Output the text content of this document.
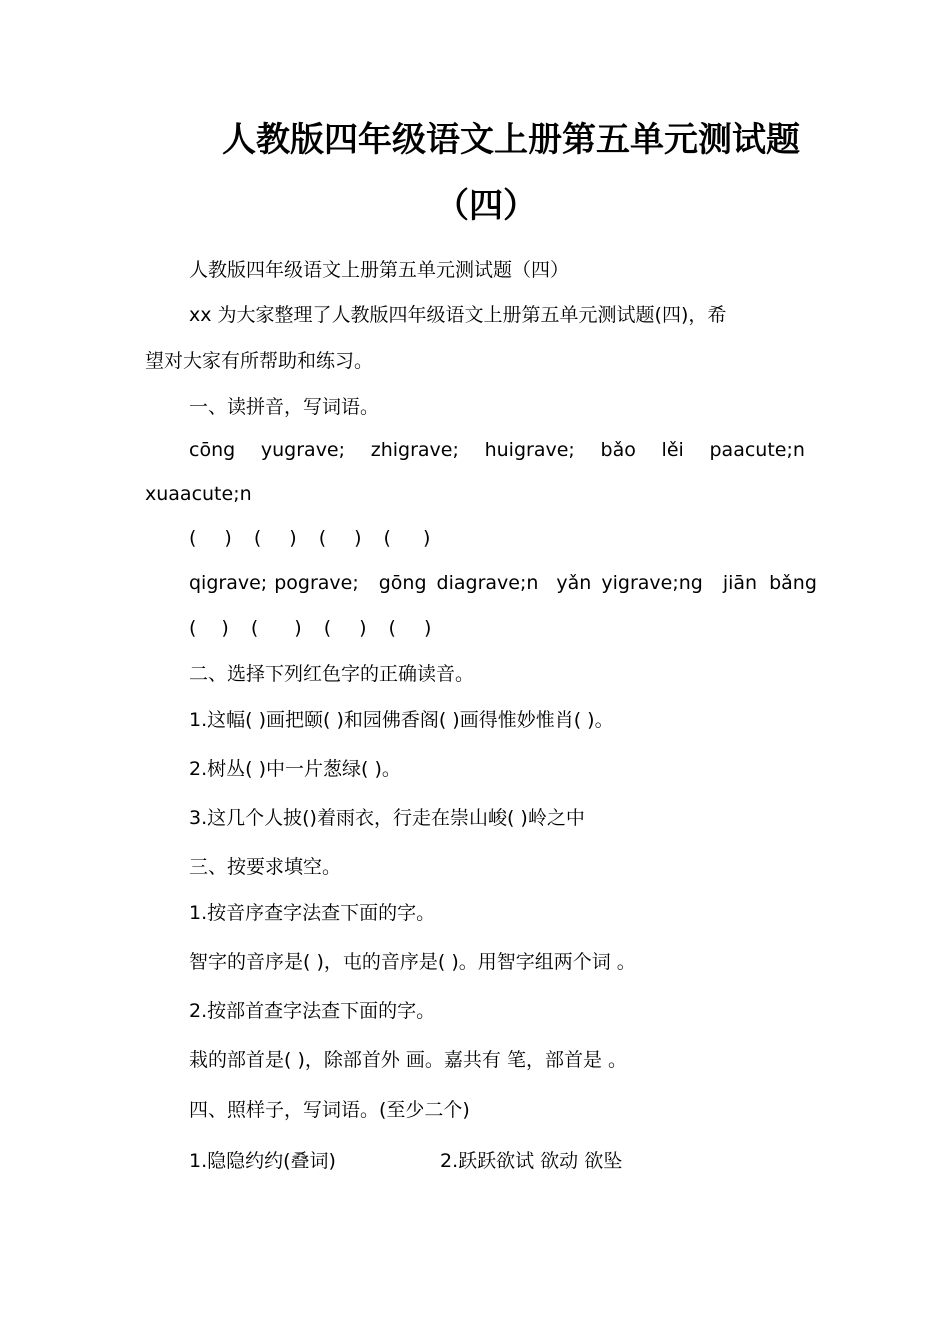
人教版四年级语文上册第五单元测试题
（四）

人教版四年级语文上册第五单元测试题（四）

xx 为大家整理了人教版四年级语文上册第五单元测试题(四)，希

望对大家有所帮助和练习。

一、读拼音，写词语。

cōng yugrave; zhigrave; huigrave; bǎo lěi paacute;n

xuaacute;n

( ) ( ) ( ) ( )
qigrave; pograve; gōng diagrave;n yǎn yigrave;ng jiān bǎng
( ) ( ) ( ) ( )

二、选择下列红色字的正确读音。

1.这幅( )画把颐( )和园佛香阁( )画得惟妙惟肖( )。

2.树丛( )中一片葱绿( )。

3.这几个人披()着雨衣，行走在崇山峻( )岭之中

三、按要求填空。

1.按音序查字法查下面的字。

智字的音序是( )，屯的音序是( )。用智字组两个词 。

2.按部首查字法查下面的字。

栽的部首是( )，除部首外 画。嘉共有 笔，部首是 。

四、照样子，写词语。(至少二个)

1.隐隐约约(叠词)	2.跃跃欲试 欲动 欲坠
